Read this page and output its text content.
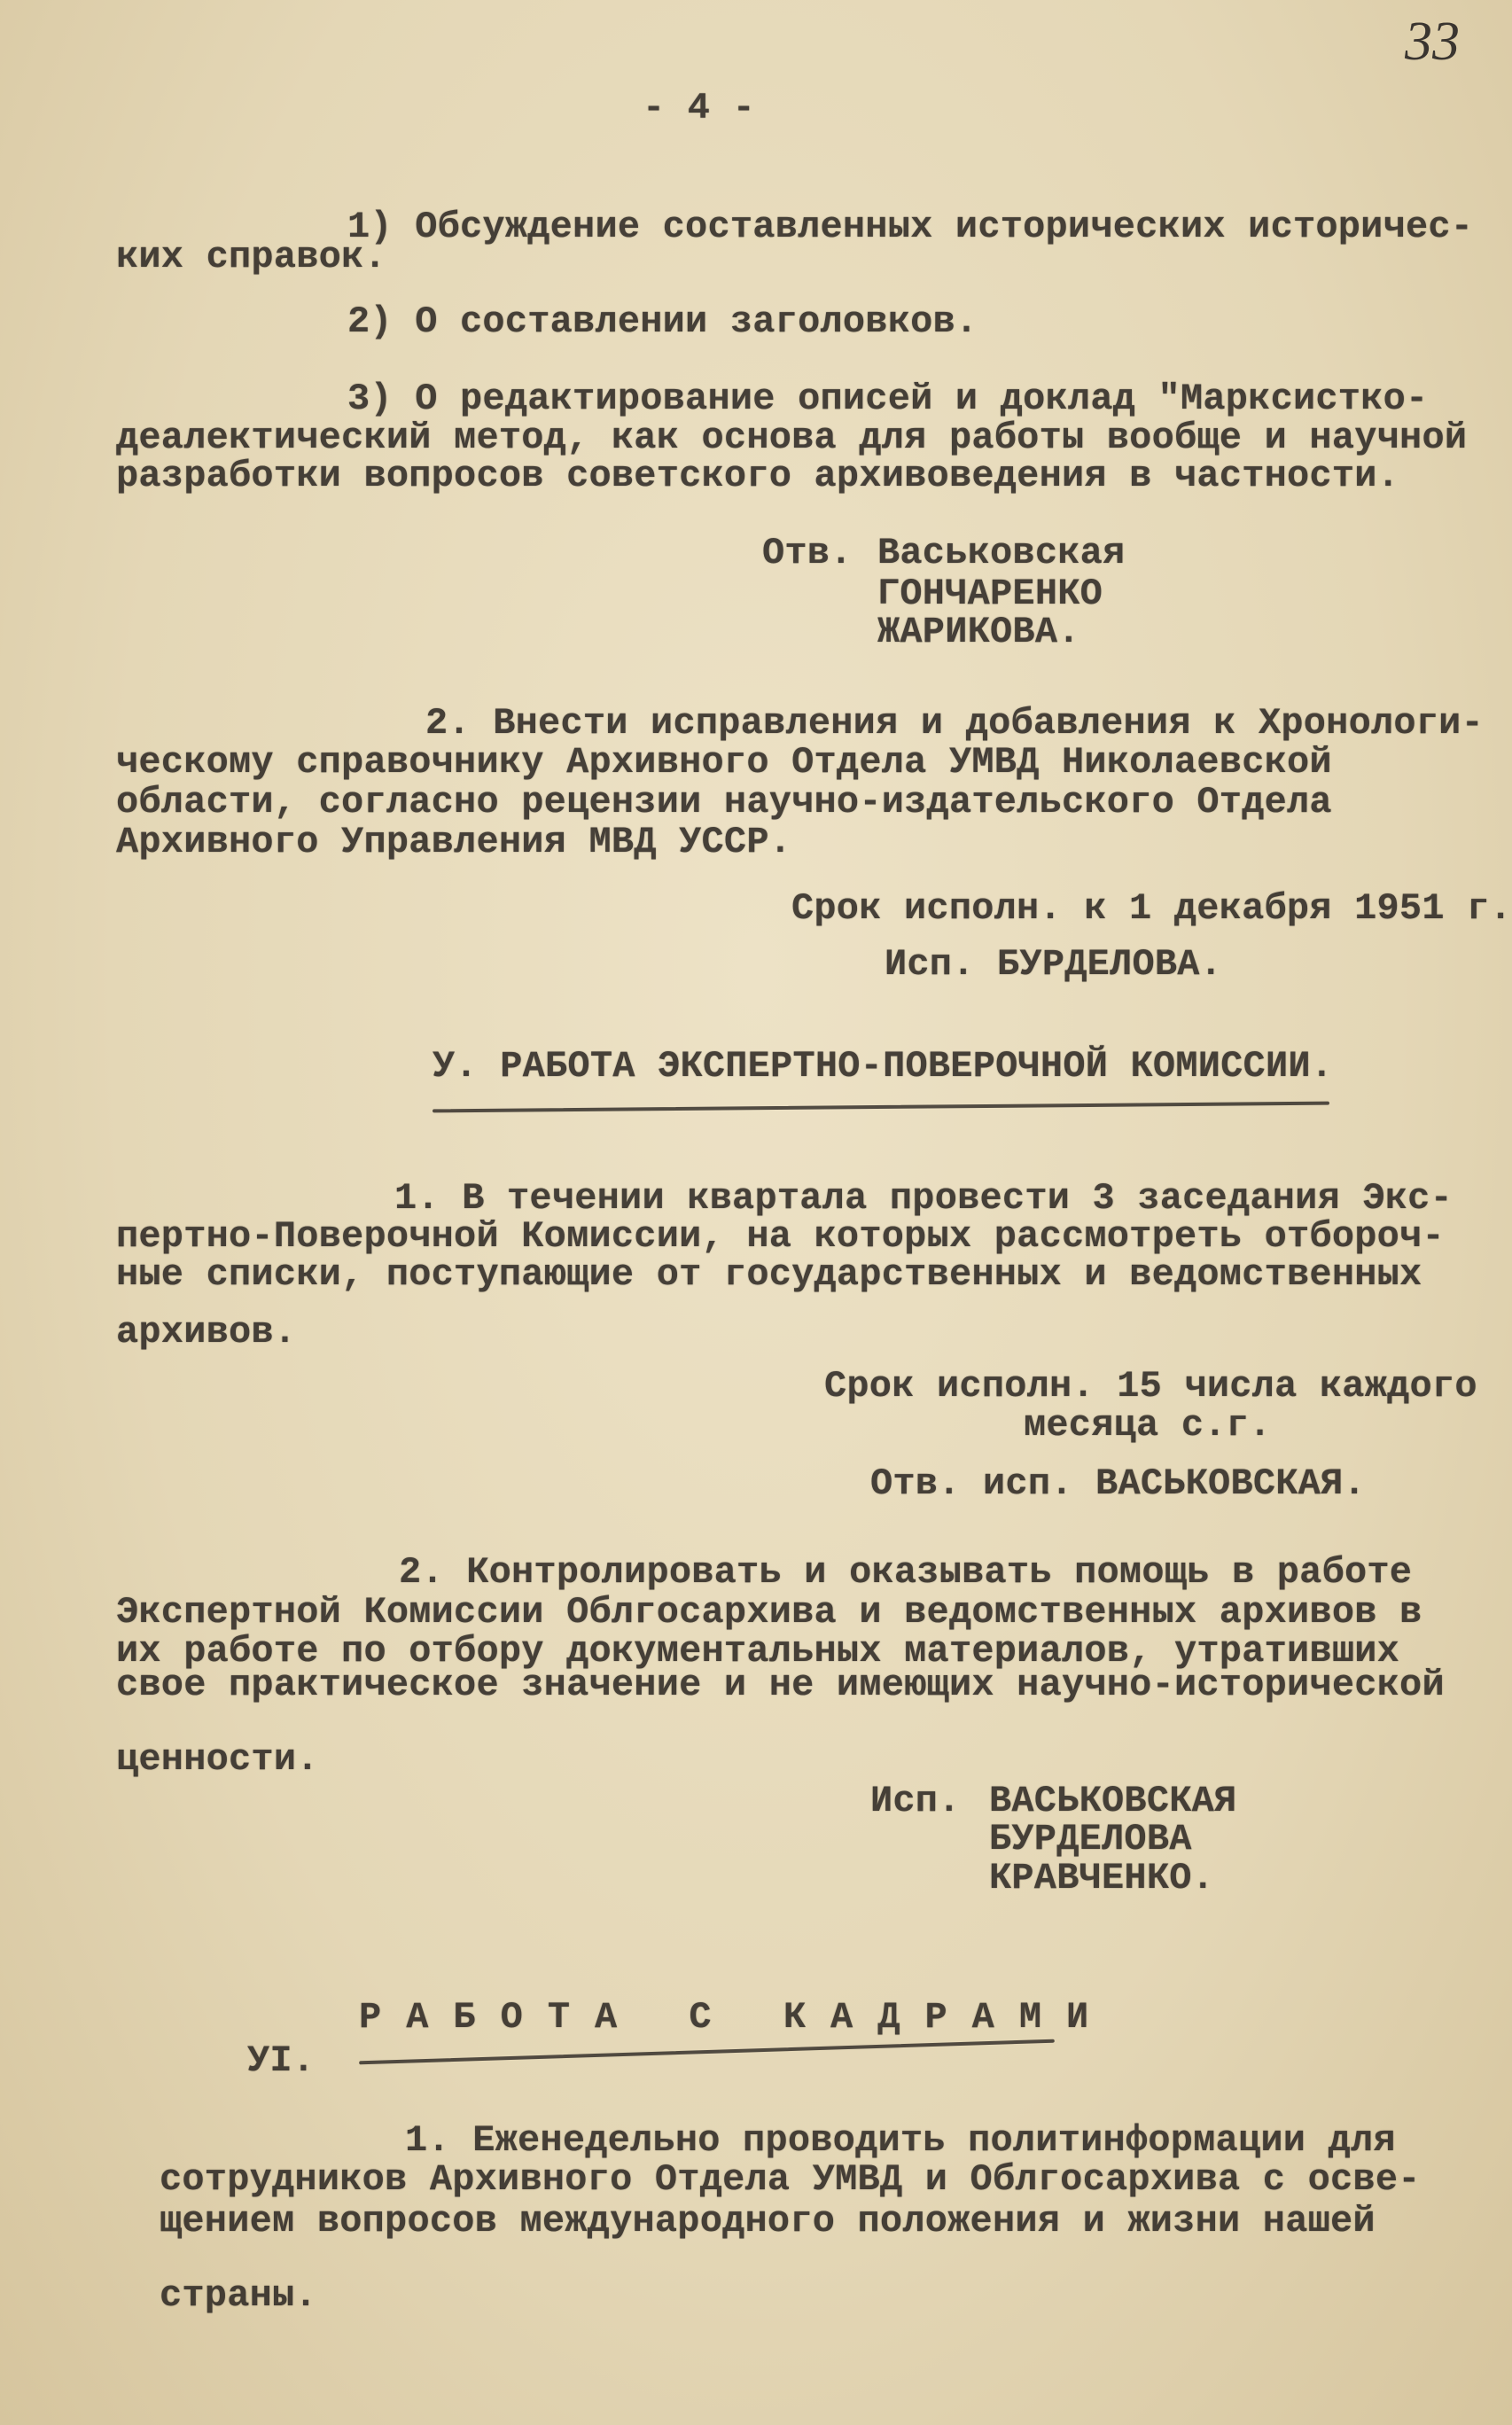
33
- 4 -
1) Обсуждение составленных исторических историчес-
ких справок.
2) О составлении заголовков.
3) О редактирование описей и доклад "Марксистко-
деалектический метод, как основа для работы вообще и научной
разработки вопросов советского архивоведения в частности.
Отв. Васьковская
ГОНЧАРЕНКО
ЖАРИКОВА.
2. Внести исправления и добавления к Хронологи-
ческому справочнику Архивного Отдела УМВД Николаевской
области, согласно рецензии научно-издательского Отдела
Архивного Управления МВД УССР.
Срок исполн. к 1 декабря 1951 г.
Исп. БУРДЕЛОВА.
У. РАБОТА ЭКСПЕРТНО-ПОВЕРОЧНОЙ КОМИССИИ.
1. В течении квартала провести 3 заседания Экс-
пертно-Поверочной Комиссии, на которых рассмотреть отбороч-
ные списки, поступающие от государственных и ведомственных
архивов.
Срок исполн. 15 числа каждого
месяца с.г.
Отв. исп. ВАСЬКОВСКАЯ.
2. Контролировать и оказывать помощь в работе
Экспертной Комиссии Облгосархива и ведомственных архивов в
их работе по отбору документальных материалов, утративших
свое практическое значение и не имеющих научно-исторической
ценности.
Исп. ВАСЬКОВСКАЯ
БУРДЕЛОВА
КРАВЧЕНКО.
УI.
РАБОТА С КАДРАМИ
1. Еженедельно проводить политинформации для
сотрудников Архивного Отдела УМВД и Облгосархива с осве-
щением вопросов международного положения и жизни нашей
страны.
